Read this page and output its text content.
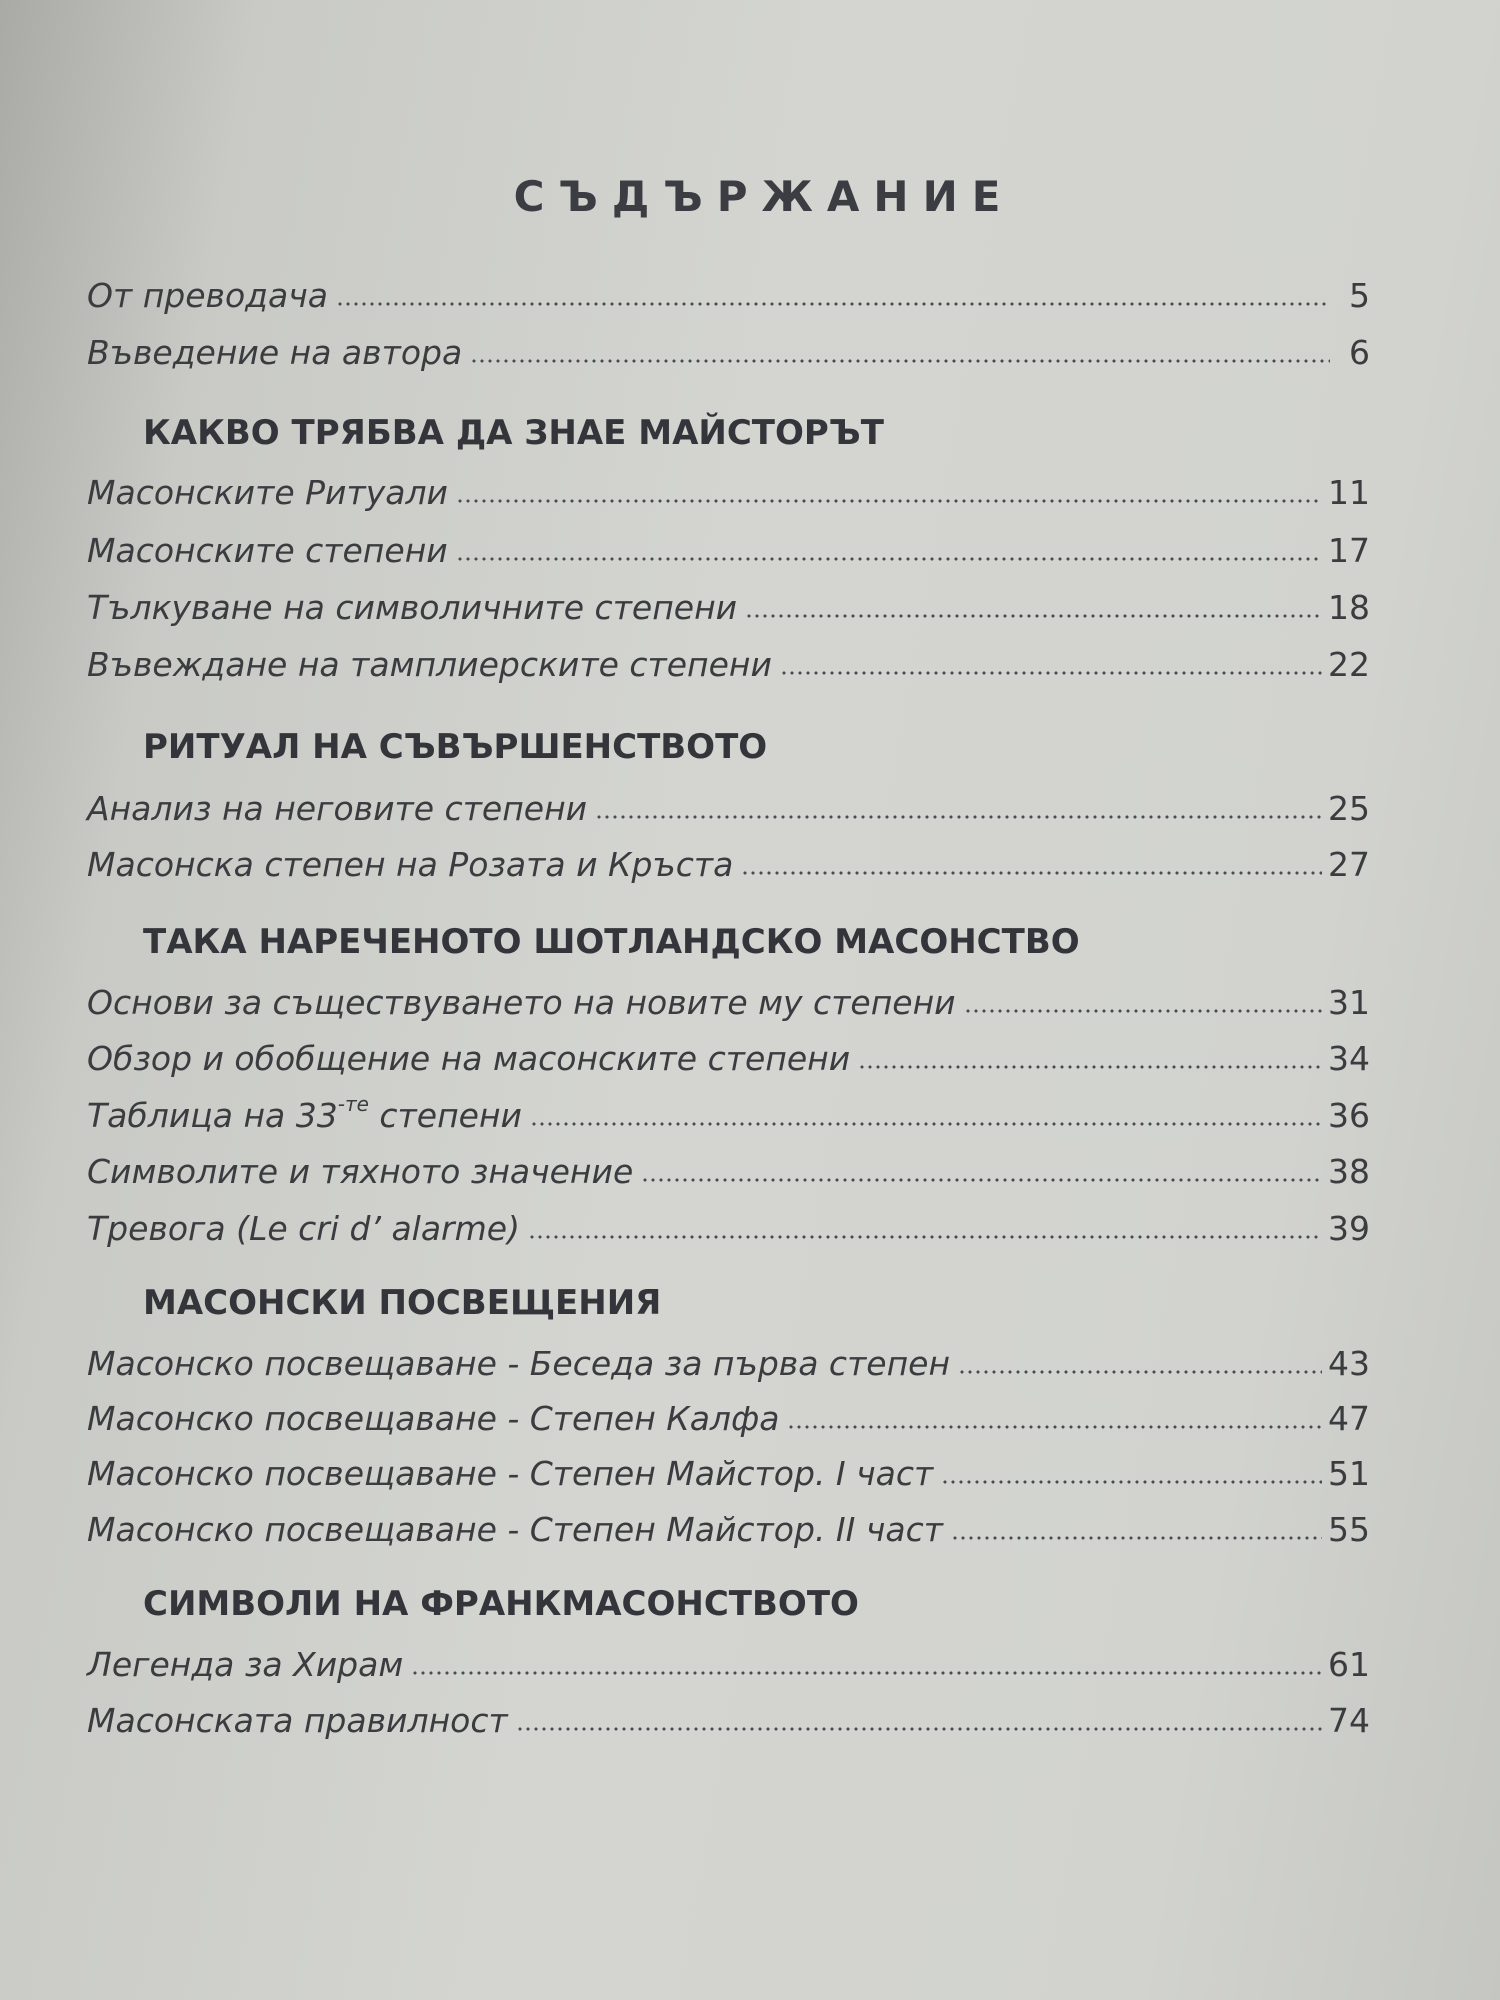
СЪДЪРЖАНИЕ
От преводача	5
Въведение на автора	6
КАКВО ТРЯБВА ДА ЗНАЕ МАЙСТОРЪТ
Масонските Ритуали	11
Масонските степени	17
Тълкуване на символичните степени	18
Въвеждане на тамплиерските степени	22
РИТУАЛ НА СЪВЪРШЕНСТВОТО
Анализ на неговите степени	25
Масонска степен на Розата и Кръста	27
ТАКА НАРЕЧЕНОТО ШОТЛАНДСКО МАСОНСТВО
Основи за съществуването на новите му степени	31
Обзор и обобщение на масонските степени	34
Таблица на $33^{-те}$ степени	36
Символите и тяхното значение	38
Тревога (Le cri d’ alarme)	39
МАСОНСКИ ПОСВЕЩЕНИЯ
Масонско посвещаване - Беседа за първа степен	43
Масонско посвещаване - Степен Калфа	47
Масонско посвещаване - Степен Майстор. I част	51
Масонско посвещаване - Степен Майстор. II част	55
СИМВОЛИ НА ФРАНКМАСОНСТВОТО
Легенда за Хирам	61
Масонската правилност	74
